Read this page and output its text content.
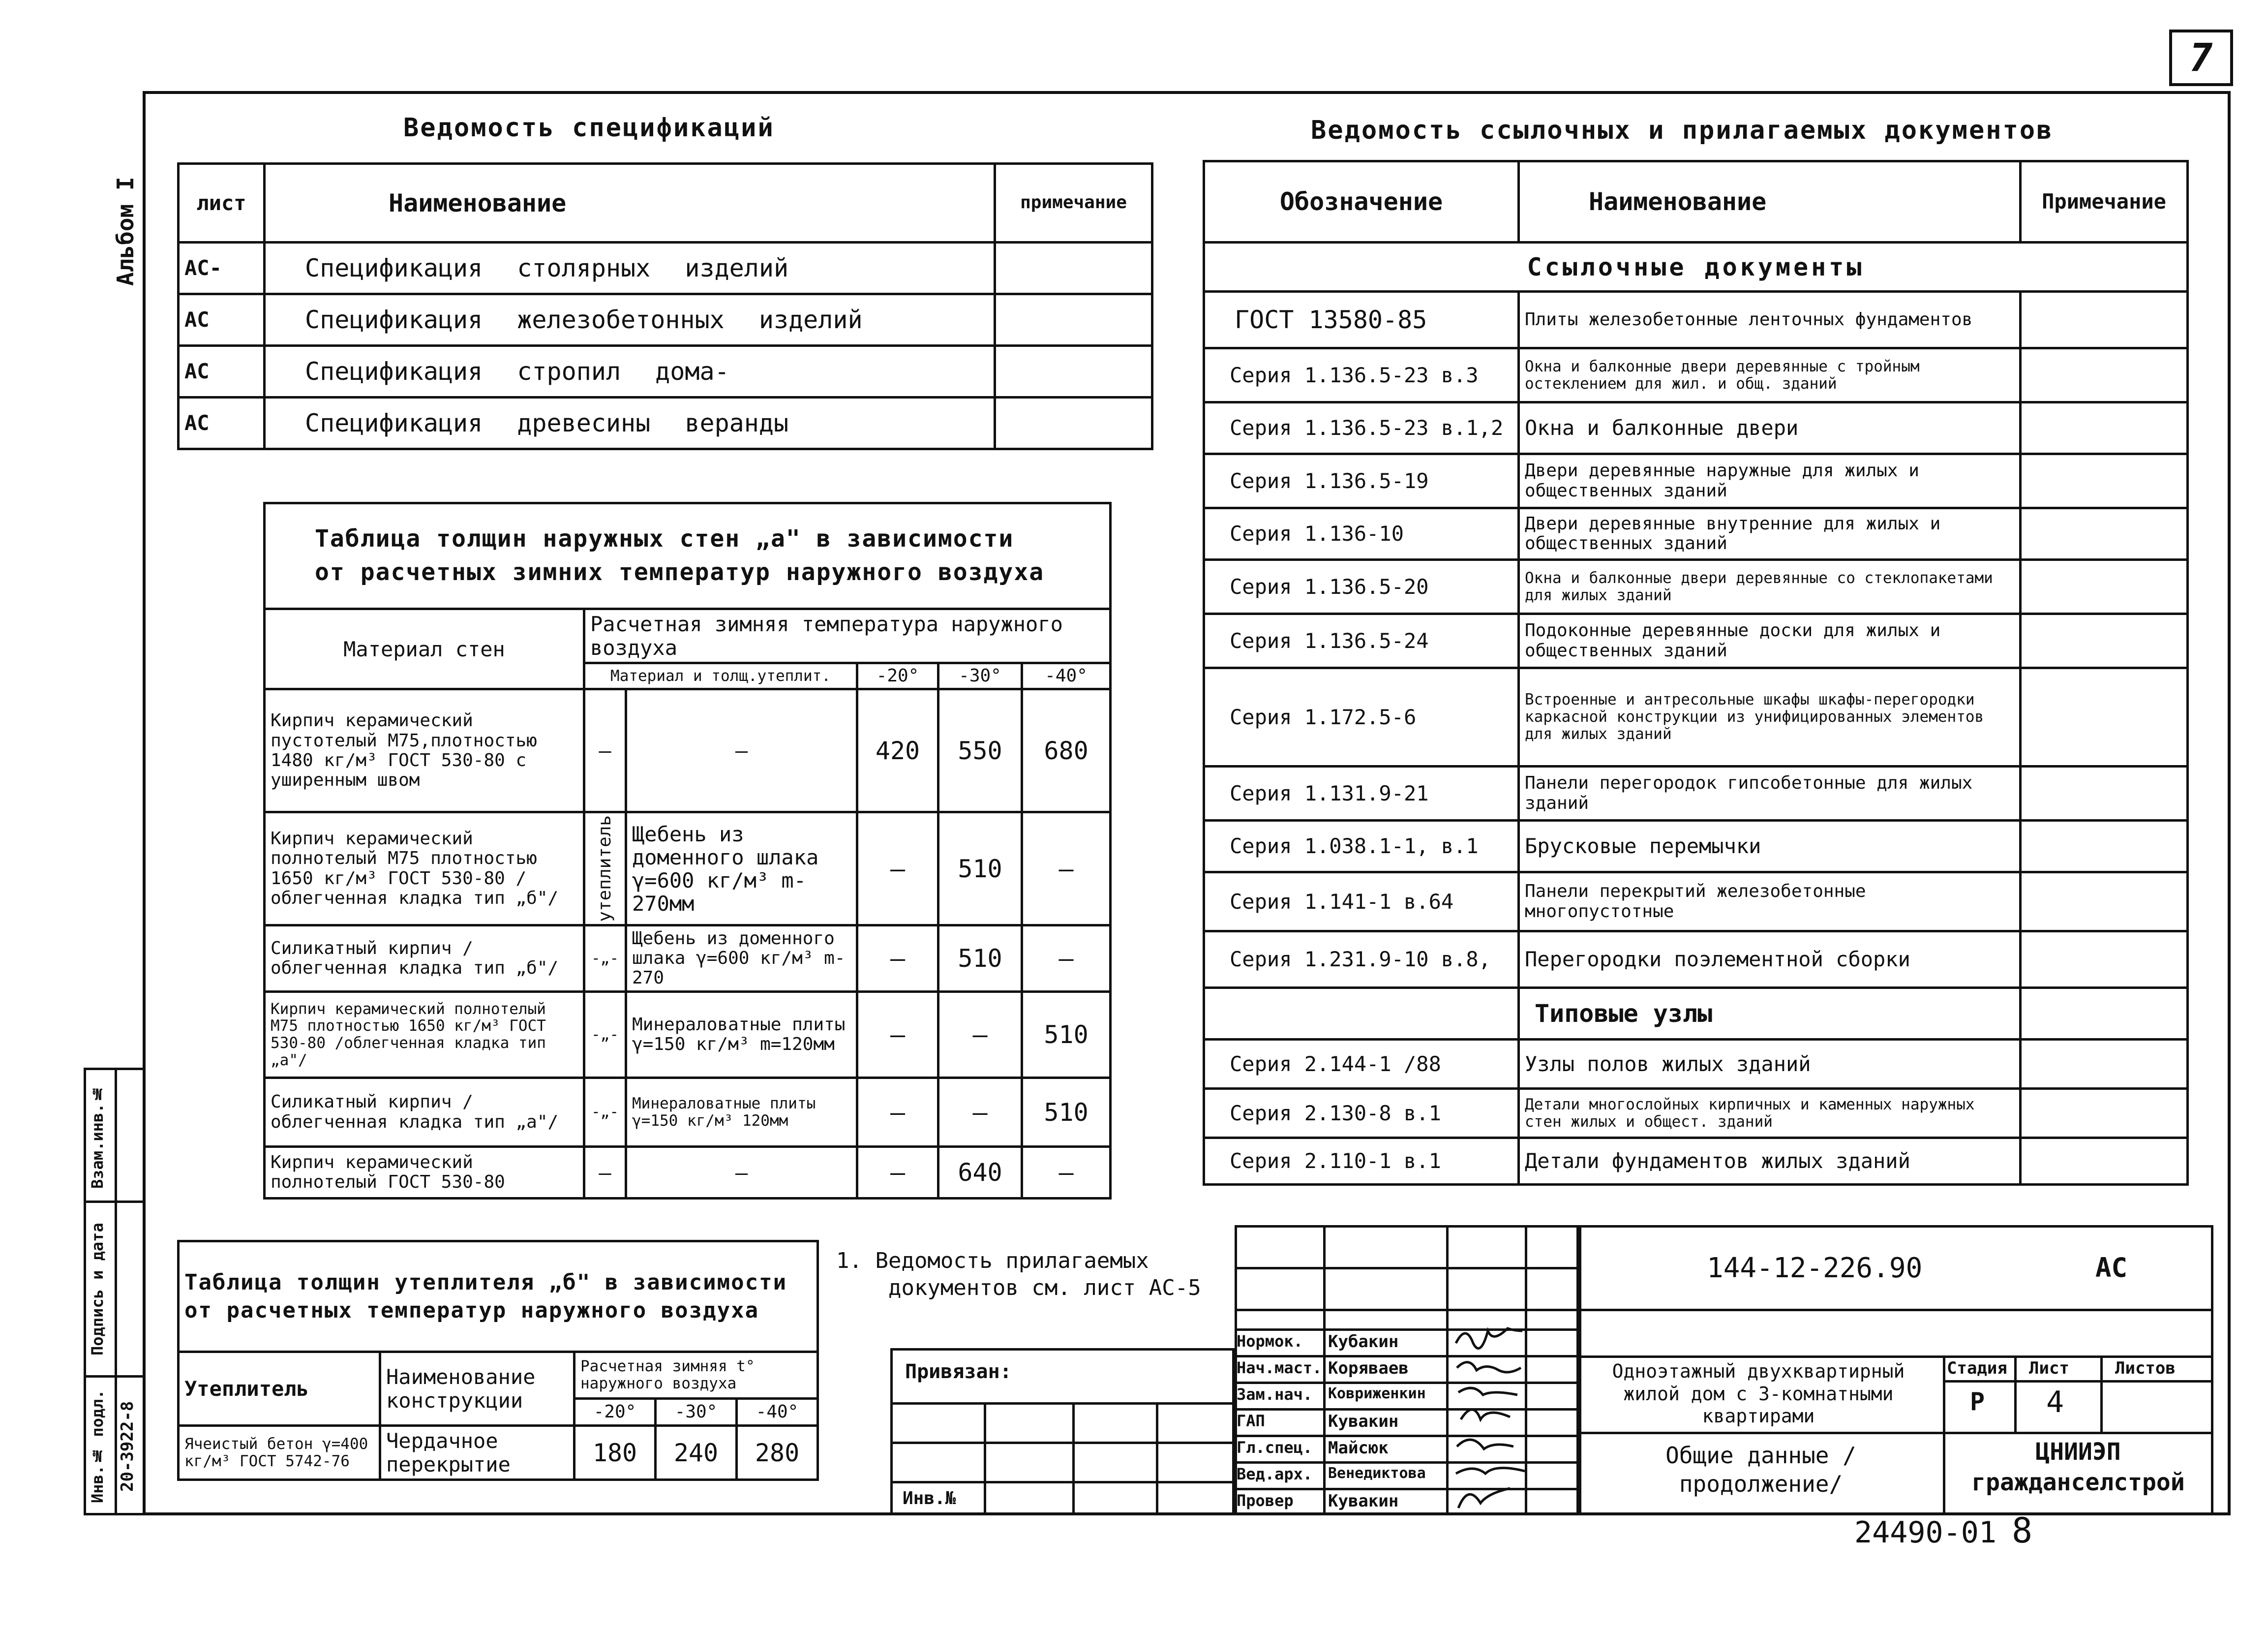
7
Альбом I
Взам.инв.№
Подпись и дата
Инв.№ подл. 20-3922-8
Ведомость спецификаций
лист	Наименование	примечание
АС-	Спецификация столярных изделий	
АС	Спецификация железобетонных изделий	
АС	Спецификация стропил дома-	
АС	Спецификация древесины веранды	
Таблица толщин наружных стен „а" в зависимости
от расчетных зимних температур наружного воздуха					

Материал стен	Расчетная зимняя температура наружного воздуха				
	Материал и толщ.утеплит.		-20°	-30°	-40°
Кирпич керамический пустотелый М75,плотностью 1480 кг/м³ ГОСТ 530-80 с уширенным швом	—	—	420	550	680
Кирпич керамический полнотелый М75 плотностью 1650 кг/м³ ГОСТ 530-80 /облегченная кладка тип „б"/	утеплитель	Щебень из доменного шлака γ=600 кг/м³ m-270мм	—	510	—
Силикатный кирпич /облегченная кладка тип „б"/	-„-	Щебень из доменного шлака γ=600 кг/м³ m-270	—	510	—
Кирпич керамический полнотелый М75 плотностью 1650 кг/м³ ГОСТ 530-80 /облегченная кладка тип „а"/	-„-	Минераловатные плиты γ=150 кг/м³ m=120мм	—	—	510
Силикатный кирпич /облегченная кладка тип „а"/	-„-	Минераловатные плиты γ=150 кг/м³ 120мм	—	—	510
Кирпич керамический полнотелый ГОСТ 530-80	—	—	—	640	—
Таблица толщин утеплителя „б" в зависимости от расчетных температур наружного воздуха				
Утеплитель	Наименование конструкции	Расчетная зимняя t° наружного воздуха		
		-20°	-30°	-40°
Ячеистый бетон γ=400 кг/м³ ГОСТ 5742-76	Чердачное перекрытие	180	240	280
1. Ведомость прилагаемых
документов см. лист АС-5
Ведомость ссылочных и прилагаемых документов
Обозначение	Наименование	Примечание
Ссылочные документы		
ГОСТ 13580-85	Плиты железобетонные ленточных фундаментов	
Серия 1.136.5-23 в.3	Окна и балконные двери деревянные с тройным остеклением для жил. и общ. зданий	
Серия 1.136.5-23 в.1,2	Окна и балконные двери	
Серия 1.136.5-19	Двери деревянные наружные для жилых и общественных зданий	
Серия 1.136-10	Двери деревянные внутренние для жилых и общественных зданий	
Серия 1.136.5-20	Окна и балконные двери деревянные со стеклопакетами для жилых зданий	
Серия 1.136.5-24	Подоконные деревянные доски для жилых и общественных зданий	
Серия 1.172.5-6	Встроенные и антресольные шкафы шкафы-перегородки каркасной конструкции из унифицированных элементов для жилых зданий	
Серия 1.131.9-21	Панели перегородок гипсобетонные для жилых зданий	
Серия 1.038.1-1, в.1	Брусковые перемычки	
Серия 1.141-1 в.64	Панели перекрытий железобетонные многопустотные	
Серия 1.231.9-10 в.8,	Перегородки поэлементной сборки	
	Типовые узлы	
Серия 2.144-1 /88	Узлы полов жилых зданий	
Серия 2.130-8 в.1	Детали многослойных кирпичных и каменных наружных стен жилых и общест. зданий	
Серия 2.110-1 в.1	Детали фундаментов жилых зданий	
Привязан:
Инв.№
Нормок. Кубакин
Нач.маст. Коряваев
Зам.нач. Ковриженкин
ГАП	Кувакин
Гл.спец. Майсюк
Вед.арх. Венедиктова
Провер Кувакин
144-12-226.90	АС
Одноэтажный двухквартирный жилой дом с 3-комнатными квартирами
Общие данные /продолжение/
Стадия Лист	Листов
Р 4
ЦНИИЭП гражданселстрой
24490-01 8
